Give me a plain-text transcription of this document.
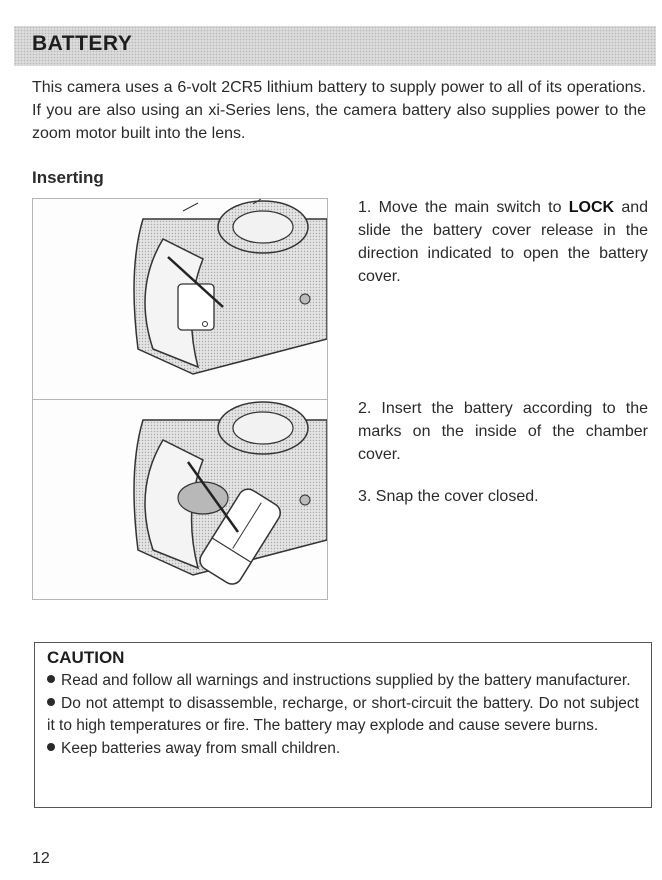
BATTERY

This camera uses a 6-volt 2CR5 lithium battery to supply power to all of its operations. If you are also using an xi-Series lens, the camera battery also supplies power to the zoom motor built into the lens.

Inserting

1. Move the main switch to LOCK and slide the battery cover release in the direction indicated to open the battery cover.

2. Insert the battery according to the marks on the inside of the chamber cover.

3. Snap the cover closed.

CAUTION
Read and follow all warnings and instructions supplied by the battery manufacturer.
Do not attempt to disassemble, recharge, or short-circuit the battery. Do not subject it to high temperatures or fire. The battery may explode and cause severe burns.
Keep batteries away from small children.

12
